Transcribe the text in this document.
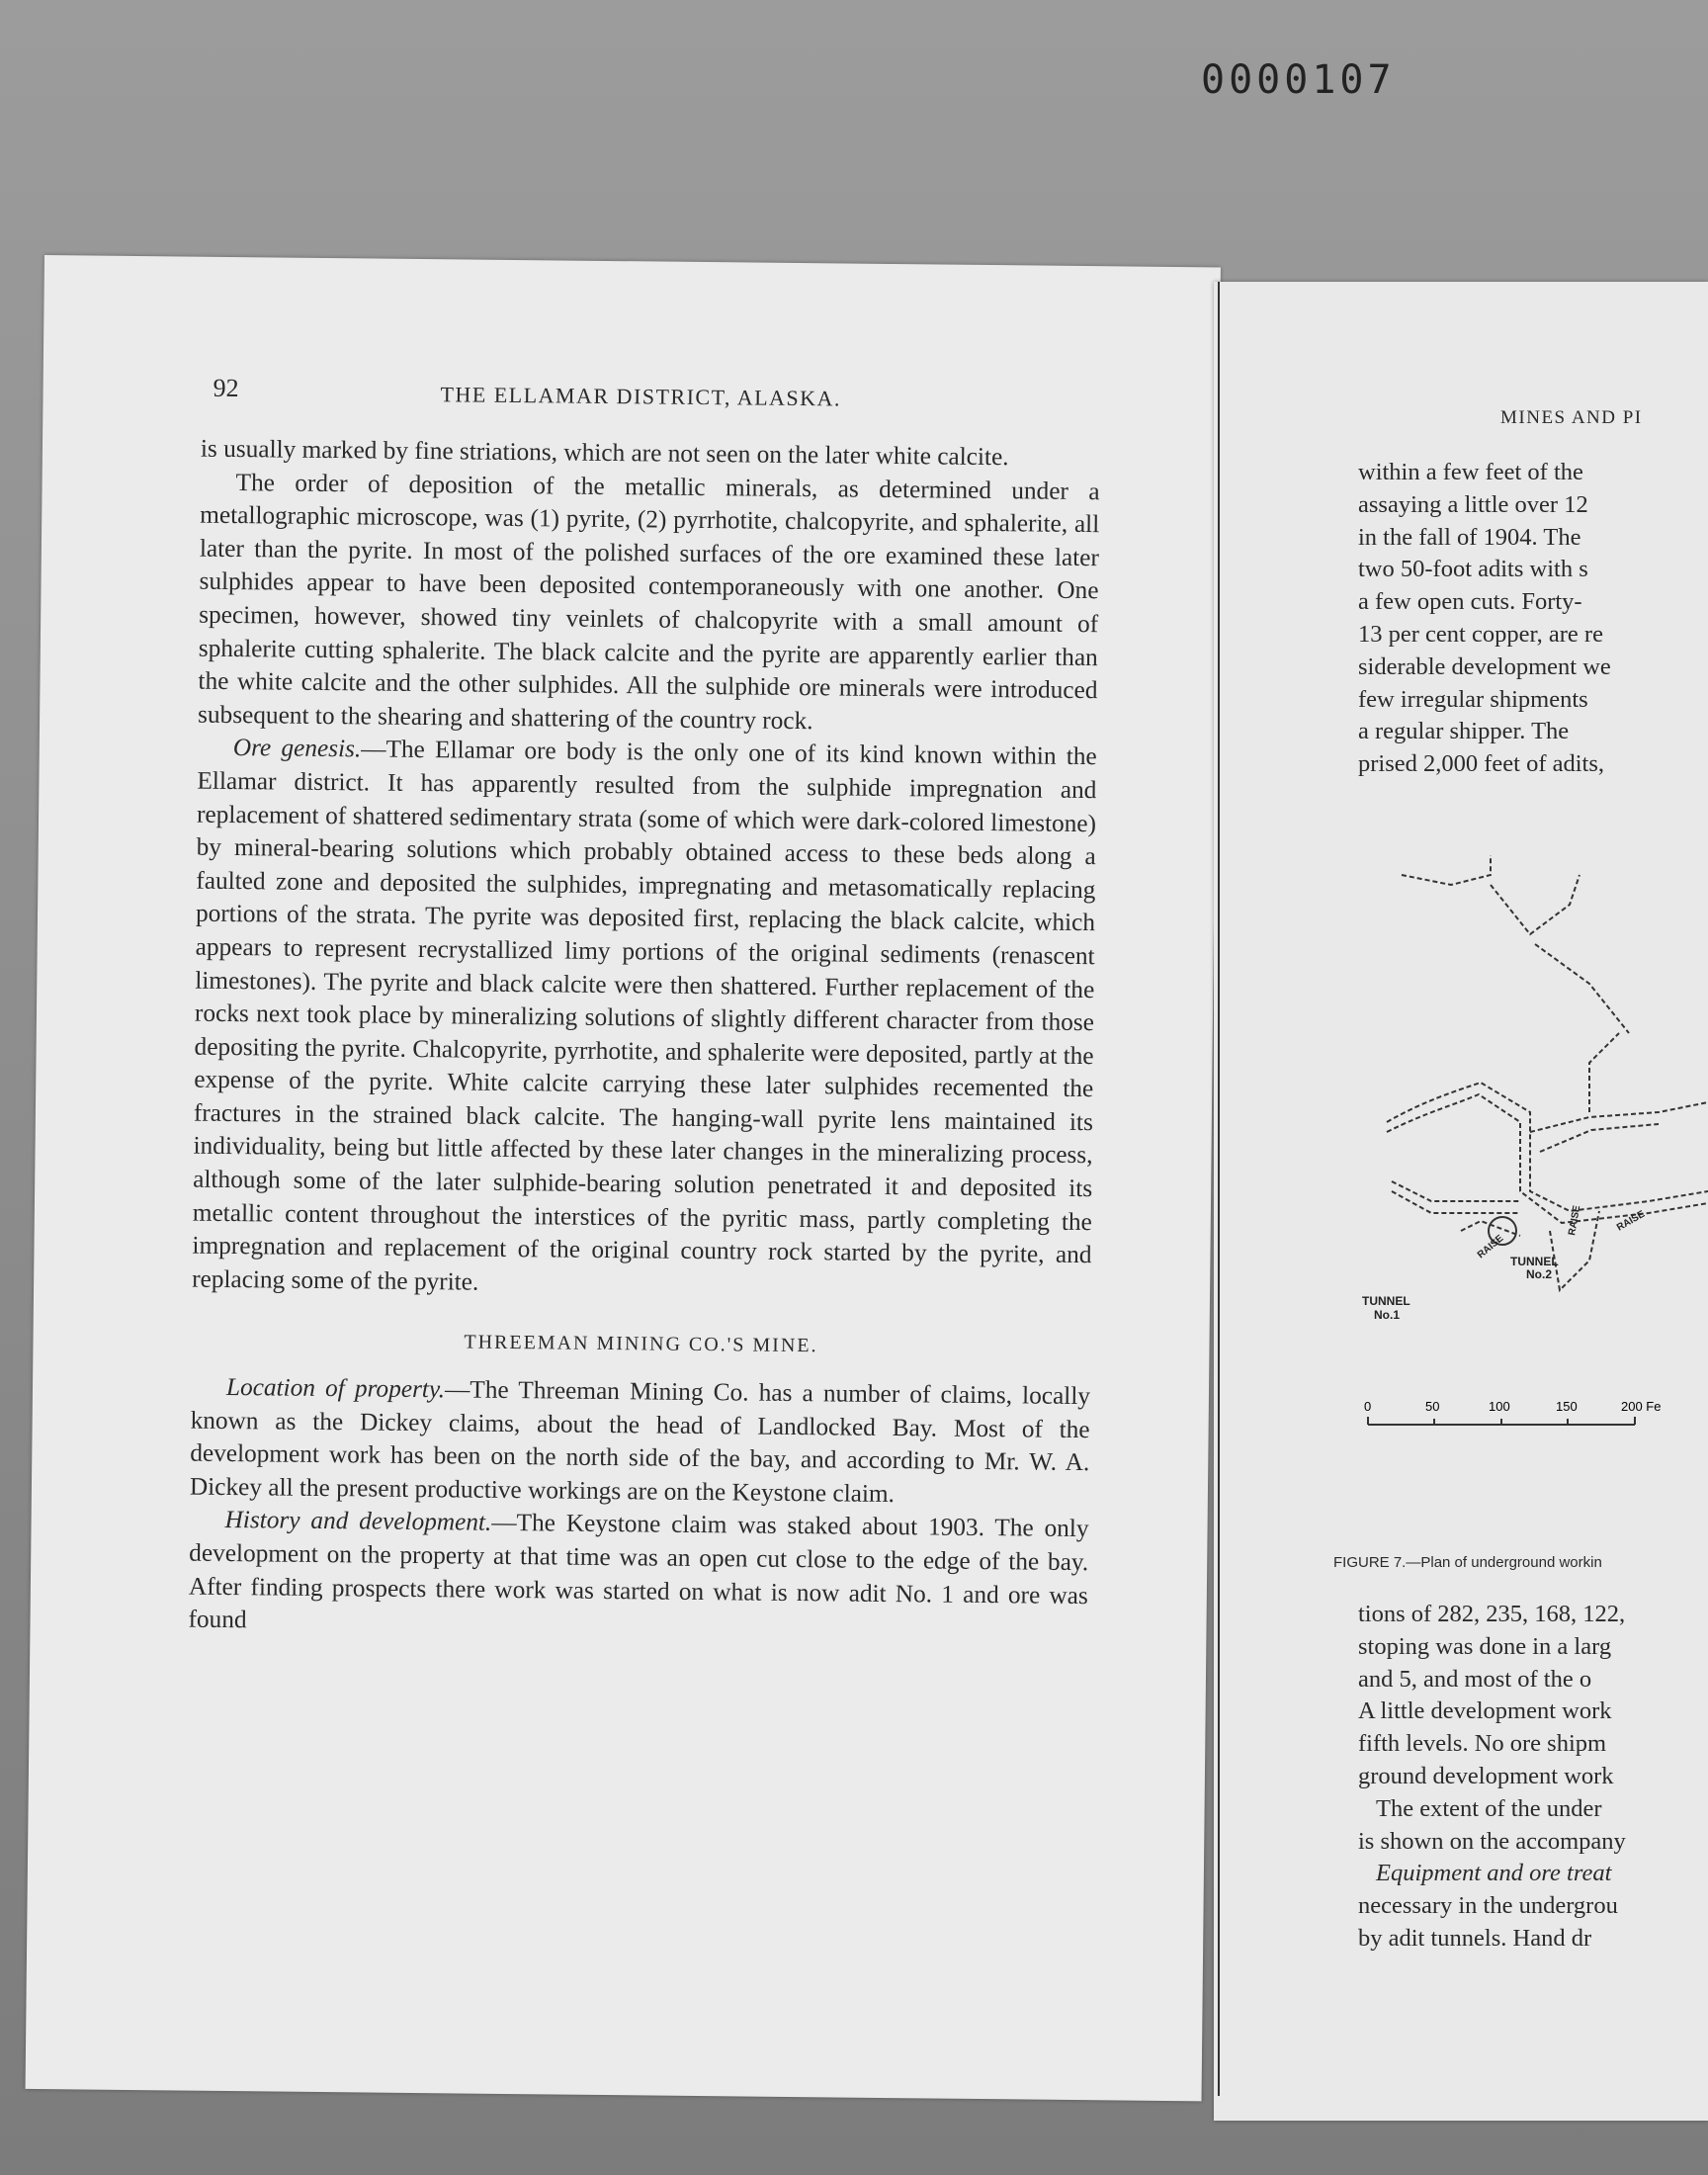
0000107
92	THE ELLAMAR DISTRICT, ALASKA.

is usually marked by fine striations, which are not seen on the later white calcite.

The order of deposition of the metallic minerals, as determined under a metallographic microscope, was (1) pyrite, (2) pyrrhotite, chalcopyrite, and sphalerite, all later than the pyrite. In most of the polished surfaces of the ore examined these later sulphides appear to have been deposited contemporaneously with one another. One specimen, however, showed tiny veinlets of chalcopyrite with a small amount of sphalerite cutting sphalerite. The black calcite and the pyrite are apparently earlier than the white calcite and the other sulphides. All the sulphide ore minerals were introduced subsequent to the shearing and shattering of the country rock.

Ore genesis.—The Ellamar ore body is the only one of its kind known within the Ellamar district. It has apparently resulted from the sulphide impregnation and replacement of shattered sedimentary strata (some of which were dark-colored limestone) by mineral-bearing solutions which probably obtained access to these beds along a faulted zone and deposited the sulphides, impregnating and metasomatically replacing portions of the strata. The pyrite was deposited first, replacing the black calcite, which appears to represent recrystallized limy portions of the original sediments (renascent limestones). The pyrite and black calcite were then shattered. Further replacement of the rocks next took place by mineralizing solutions of slightly different character from those depositing the pyrite. Chalcopyrite, pyrrhotite, and sphalerite were deposited, partly at the expense of the pyrite. White calcite carrying these later sulphides recemented the fractures in the strained black calcite. The hanging-wall pyrite lens maintained its individuality, being but little affected by these later changes in the mineralizing process, although some of the later sulphide-bearing solution penetrated it and deposited its metallic content throughout the interstices of the pyritic mass, partly completing the impregnation and replacement of the original country rock started by the pyrite, and replacing some of the pyrite.

THREEMAN MINING CO.'S MINE.

Location of property.—The Threeman Mining Co. has a number of claims, locally known as the Dickey claims, about the head of Landlocked Bay. Most of the development work has been on the north side of the bay, and according to Mr. W. A. Dickey all the present productive workings are on the Keystone claim.

History and development.—The Keystone claim was staked about 1903. The only development on the property at that time was an open cut close to the edge of the bay. After finding prospects there work was started on what is now adit No. 1 and ore was found

MINES AND PI
within a few feet of the
assaying a little over 12
in the fall of 1904. The
two 50-foot adits with s
a few open cuts. Forty-
13 per cent copper, are re
siderable development we
few irregular shipments
a regular shipper. The
prised 2,000 feet of adits,
TUNNEL
No.1
TUNNEL
No.2
RAISE
RAISE	RAISE
0	50	100	150	200 Fe
FIGURE 7.—Plan of underground workin
tions of 282, 235, 168, 122,
stoping was done in a larg
and 5, and most of the o
A little development work
fifth levels. No ore shipm
ground development work
The extent of the under
is shown on the accompany
Equipment and ore treat
necessary in the undergrou
by adit tunnels. Hand dr
